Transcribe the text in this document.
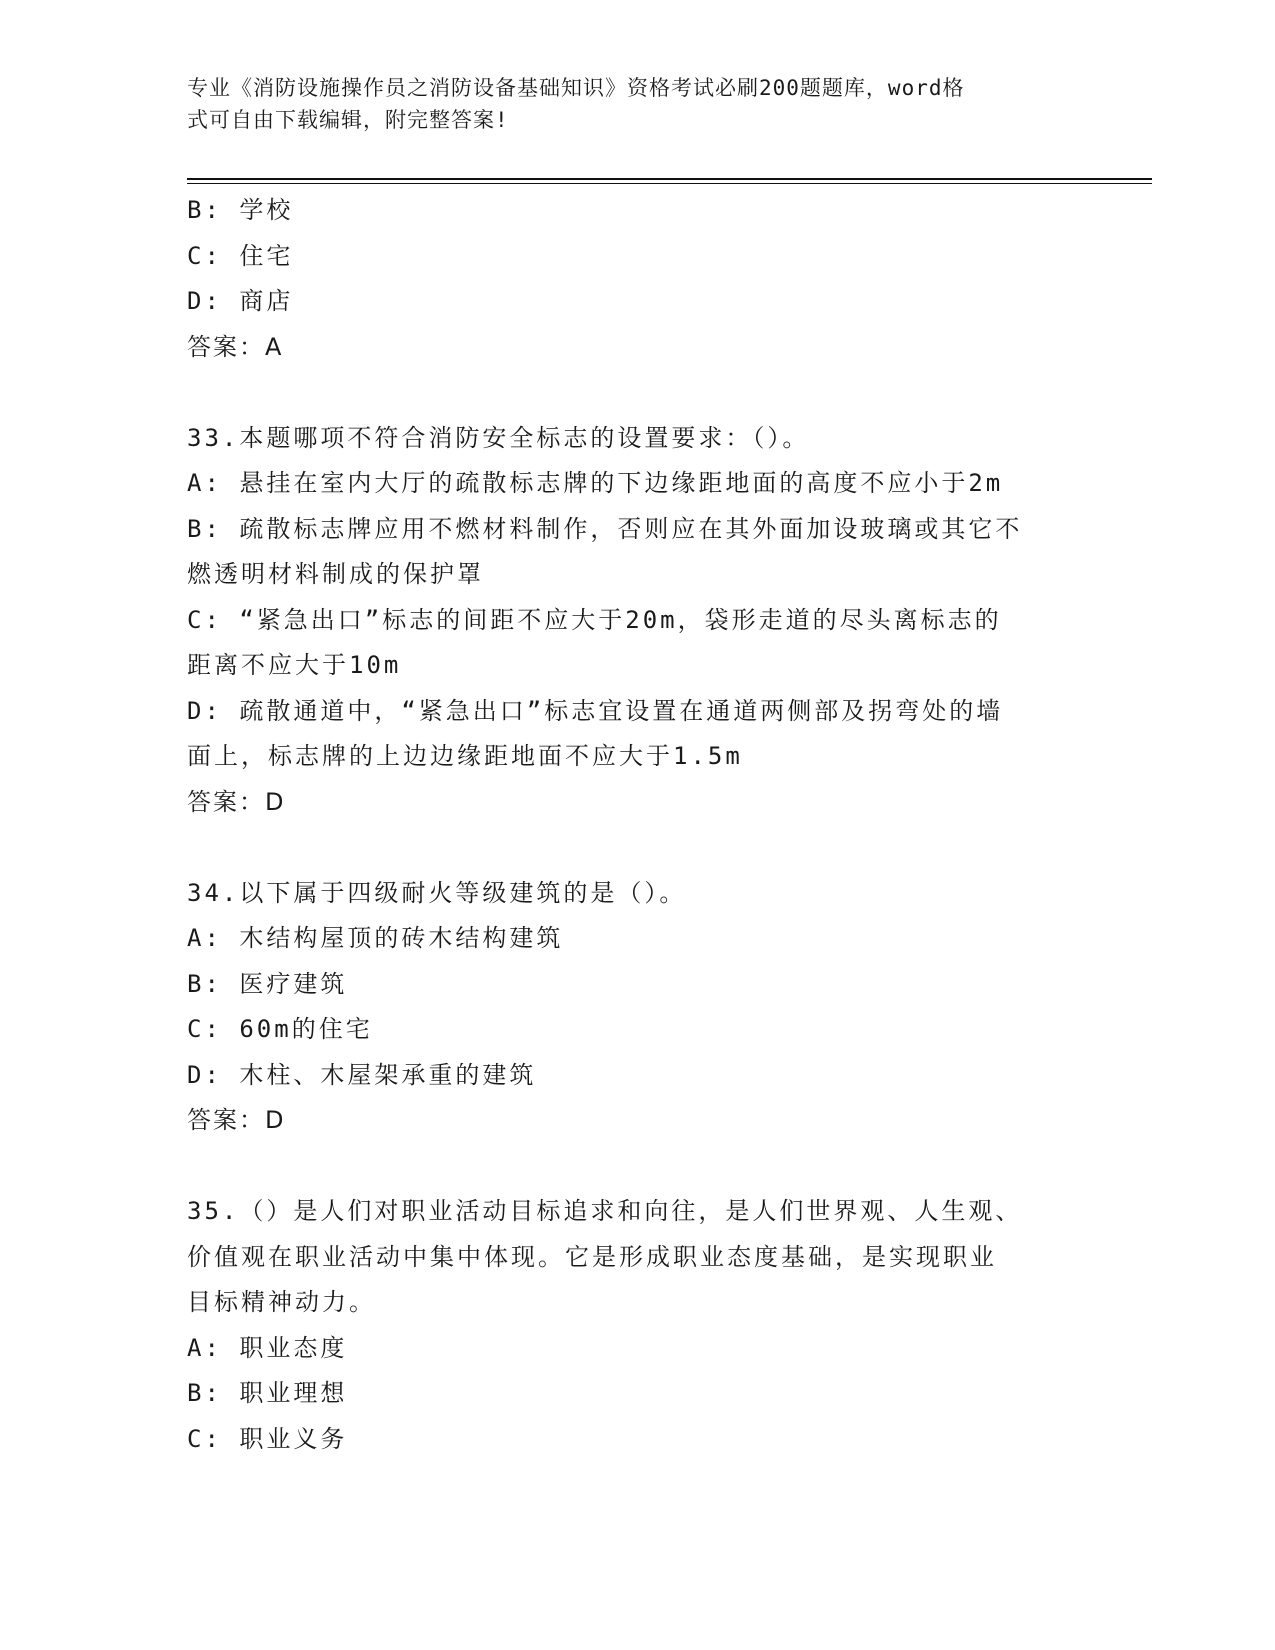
专业《消防设施操作员之消防设备基础知识》资格考试必刷200题题库，word格
式可自由下载编辑，附完整答案!
B: 学校
C: 住宅
D: 商店
答案：A
33.本题哪项不符合消防安全标志的设置要求：（）。
A: 悬挂在室内大厅的疏散标志牌的下边缘距地面的高度不应小于2m
B: 疏散标志牌应用不燃材料制作，否则应在其外面加设玻璃或其它不
燃透明材料制成的保护罩
C: “紧急出口”标志的间距不应大于20m，袋形走道的尽头离标志的
距离不应大于10m
D: 疏散通道中，“紧急出口”标志宜设置在通道两侧部及拐弯处的墙
面上，标志牌的上边边缘距地面不应大于1.5m
答案：D
34.以下属于四级耐火等级建筑的是（）。
A: 木结构屋顶的砖木结构建筑
B: 医疗建筑
C: 60m的住宅
D: 木柱、木屋架承重的建筑
答案：D
35.（）是人们对职业活动目标追求和向往，是人们世界观、人生观、
价值观在职业活动中集中体现。它是形成职业态度基础，是实现职业
目标精神动力。
A: 职业态度
B: 职业理想
C: 职业义务
